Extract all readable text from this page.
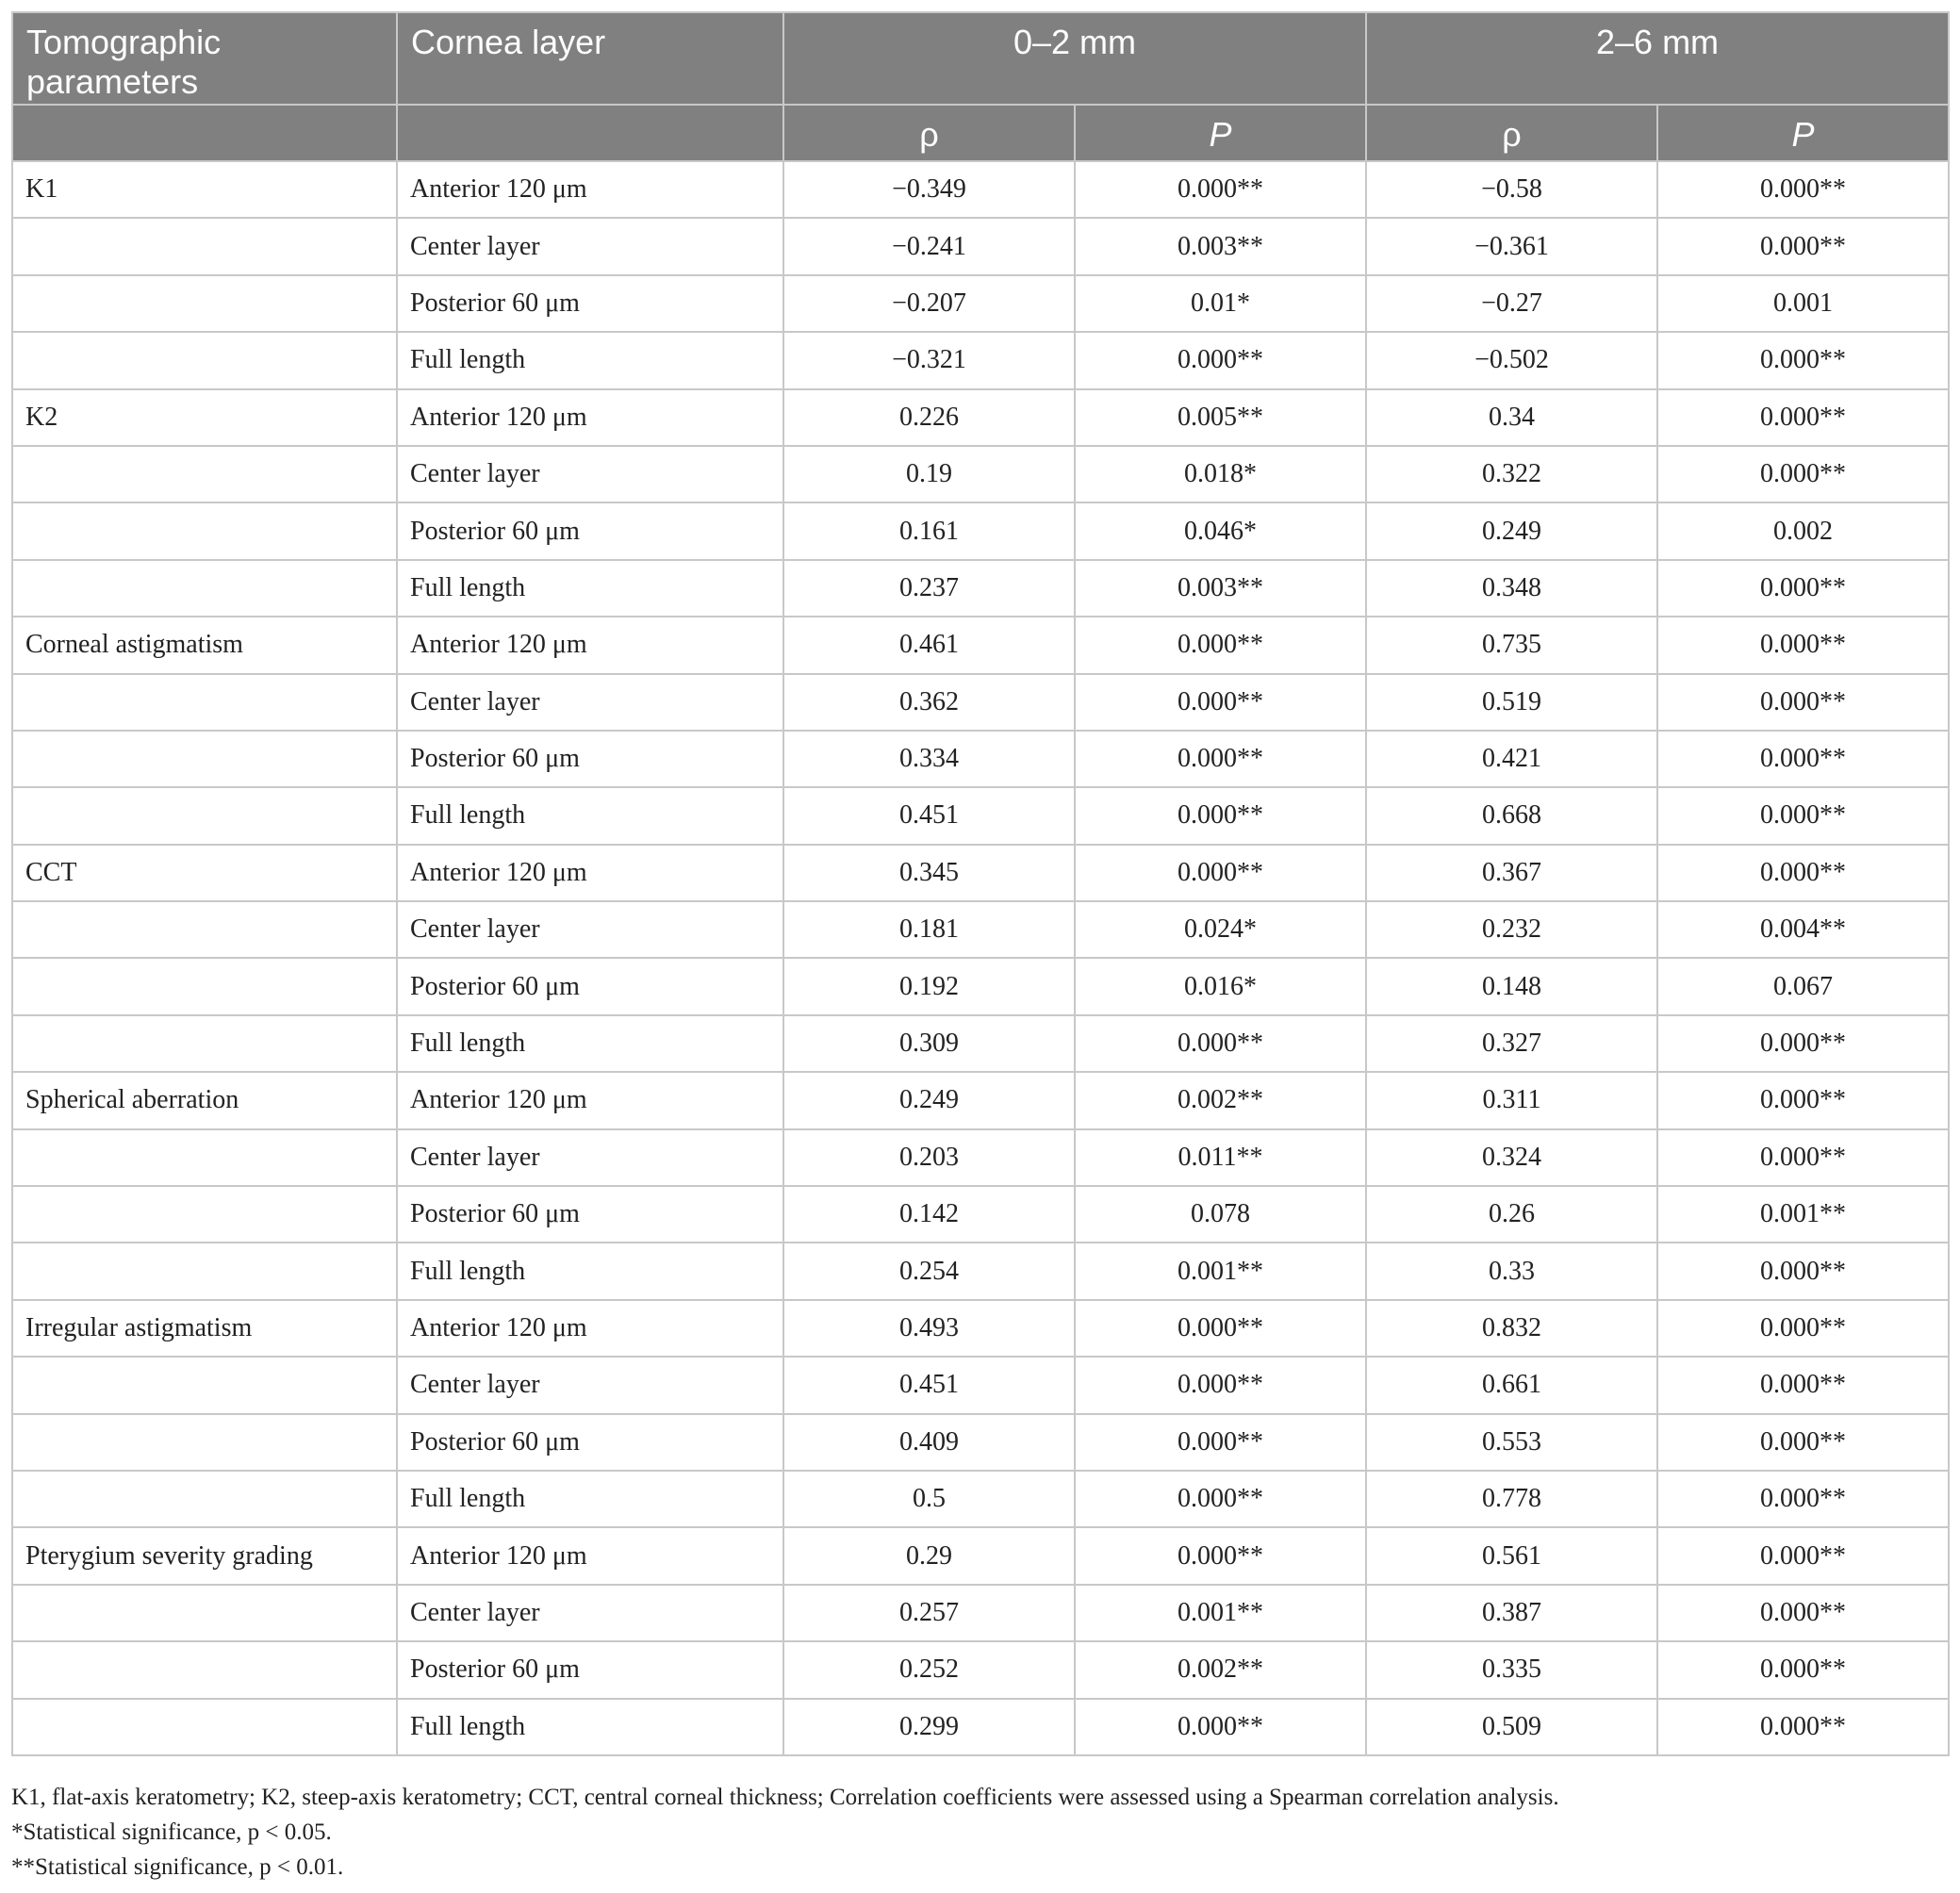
Tomographic parameters	Cornea layer	0–2 mm		2–6 mm	
		ρ	P	ρ	P
K1	Anterior 120 μm	−0.349	0.000**	−0.58	0.000**
	Center layer	−0.241	0.003**	−0.361	0.000**
	Posterior 60 μm	−0.207	0.01*	−0.27	0.001
	Full length	−0.321	0.000**	−0.502	0.000**
K2	Anterior 120 μm	0.226	0.005**	0.34	0.000**
	Center layer	0.19	0.018*	0.322	0.000**
	Posterior 60 μm	0.161	0.046*	0.249	0.002
	Full length	0.237	0.003**	0.348	0.000**
Corneal astigmatism	Anterior 120 μm	0.461	0.000**	0.735	0.000**
	Center layer	0.362	0.000**	0.519	0.000**
	Posterior 60 μm	0.334	0.000**	0.421	0.000**
	Full length	0.451	0.000**	0.668	0.000**
CCT	Anterior 120 μm	0.345	0.000**	0.367	0.000**
	Center layer	0.181	0.024*	0.232	0.004**
	Posterior 60 μm	0.192	0.016*	0.148	0.067
	Full length	0.309	0.000**	0.327	0.000**
Spherical aberration	Anterior 120 μm	0.249	0.002**	0.311	0.000**
	Center layer	0.203	0.011**	0.324	0.000**
	Posterior 60 μm	0.142	0.078	0.26	0.001**
	Full length	0.254	0.001**	0.33	0.000**
Irregular astigmatism	Anterior 120 μm	0.493	0.000**	0.832	0.000**
	Center layer	0.451	0.000**	0.661	0.000**
	Posterior 60 μm	0.409	0.000**	0.553	0.000**
	Full length	0.5	0.000**	0.778	0.000**
Pterygium severity grading	Anterior 120 μm	0.29	0.000**	0.561	0.000**
	Center layer	0.257	0.001**	0.387	0.000**
	Posterior 60 μm	0.252	0.002**	0.335	0.000**
	Full length	0.299	0.000**	0.509	0.000**

K1, flat-axis keratometry; K2, steep-axis keratometry; CCT, central corneal thickness; Correlation coefficients were assessed using a Spearman correlation analysis.

*Statistical significance, p < 0.05.

**Statistical significance, p < 0.01.
